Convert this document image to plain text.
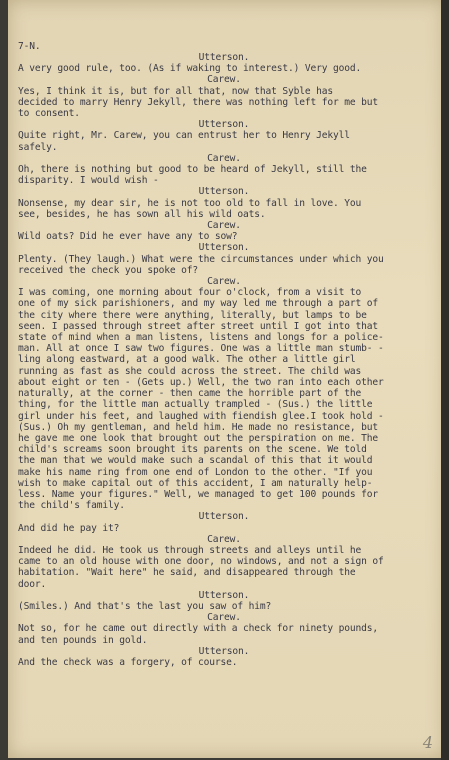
7-N.
Utterson.
A very good rule, too. (As if waking to interest.) Very good.
Carew.
Yes, I think it is, but for all that, now that Syble has
decided to marry Henry Jekyll, there was nothing left for me but
to consent.
Utterson.
Quite right, Mr. Carew, you can entrust her to Henry Jekyll
safely.
Carew.
Oh, there is nothing but good to be heard of Jekyll, still the
disparity. I would wish -
Utterson.
Nonsense, my dear sir, he is not too old to fall in love. You
see, besides, he has sown all his wild oats.
Carew.
Wild oats? Did he ever have any to sow?
Utterson.
Plenty. (They laugh.) What were the circumstances under which you
received the check you spoke of?
Carew.
I was coming, one morning about four o'clock, from a visit to
one of my sick parishioners, and my way led me through a part of
the city where there were anything, literally, but lamps to be
seen. I passed through street after street until I got into that
state of mind when a man listens, listens and longs for a police-
man. All at once I saw two figures. One was a little man stumb- -
ling along eastward, at a good walk. The other a little girl
running as fast as she could across the street. The child was
about eight or ten - (Gets up.) Well, the two ran into each other
naturally, at the corner - then came the horrible part of the
thing, for the little man actually trampled - (Sus.) the little
girl under his feet, and laughed with fiendish glee.I took hold -
(Sus.) Oh my gentleman, and held him. He made no resistance, but
he gave me one look that brought out the perspiration on me. The
child's screams soon brought its parents on the scene. We told
the man that we would make such a scandal of this that it would
make his name ring from one end of London to the other. "If you
wish to make capital out of this accident, I am naturally help-
less. Name your figures." Well, we managed to get 100 pounds for
the child's family.
Utterson.
And did he pay it?
Carew.
Indeed he did. He took us through streets and alleys until he
came to an old house with one door, no windows, and not a sign of
habitation. "Wait here" he said, and disappeared through the
door.
Utterson.
(Smiles.) And that's the last you saw of him?
Carew.
Not so, for he came out directly with a check for ninety pounds,
and ten pounds in gold.
Utterson.
And the check was a forgery, of course.
4
